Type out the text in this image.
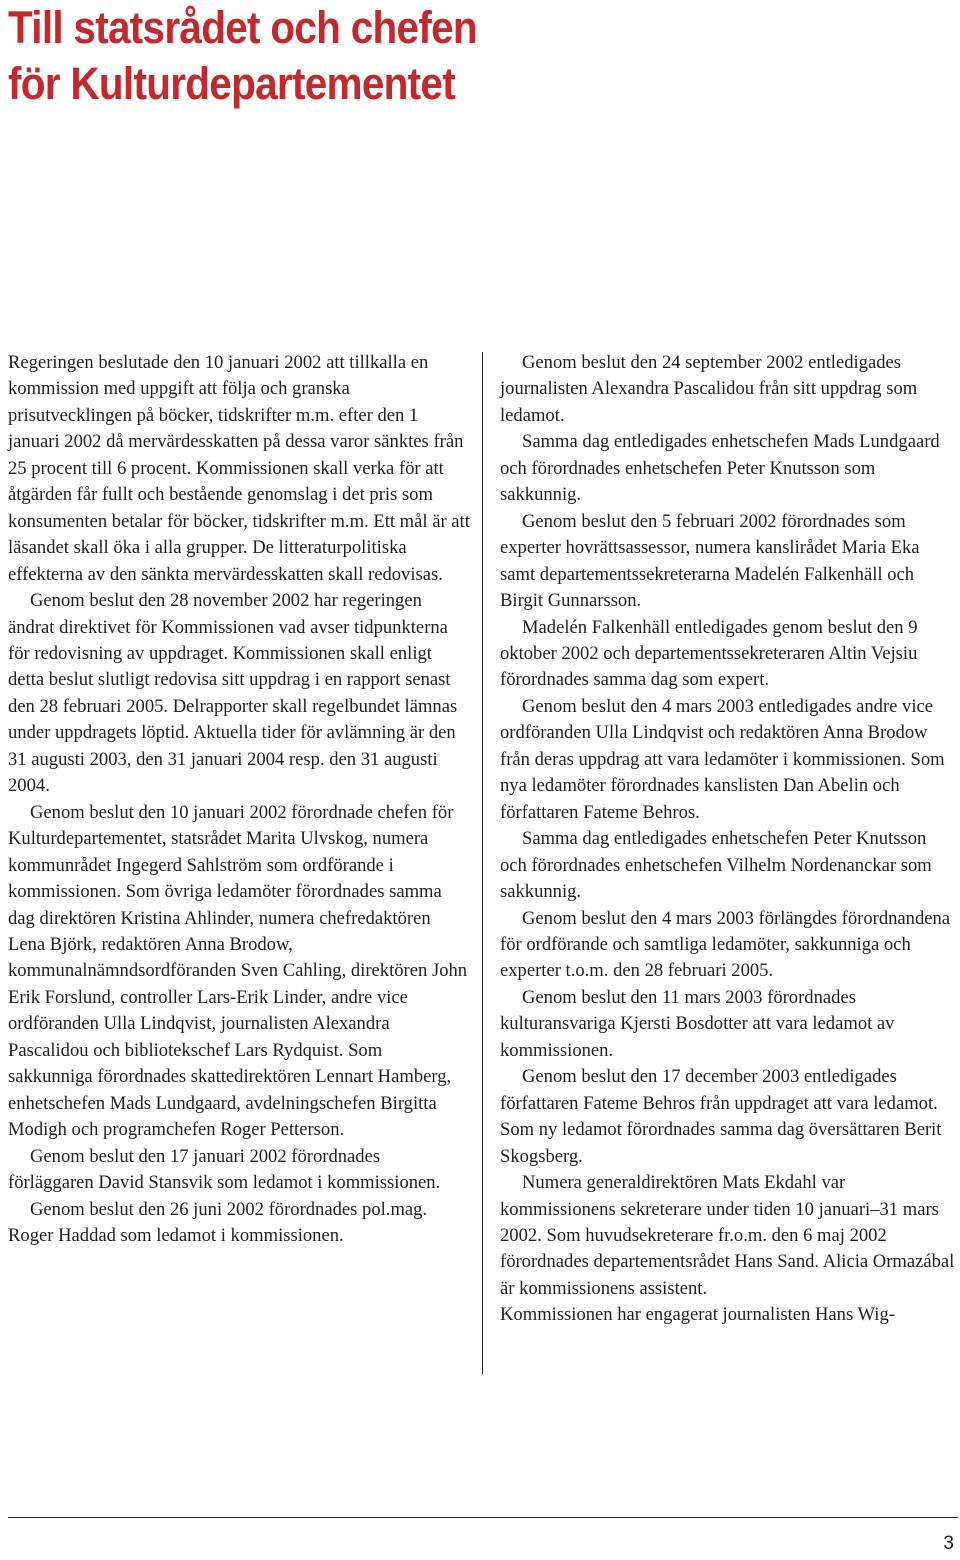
Till statsrådet och chefen
för Kulturdepartementet

Regeringen beslutade den 10 januari 2002 att tillkalla en kommission med uppgift att följa och granska prisutvecklingen på böcker, tidskrifter m.m. efter den 1 januari 2002 då mervärdesskatten på dessa varor sänktes från 25 procent till 6 procent. Kommissionen skall verka för att åtgärden får fullt och bestående genomslag i det pris som konsumenten betalar för böcker, tidskrifter m.m. Ett mål är att läsandet skall öka i alla grupper. De litteraturpolitiska effekterna av den sänkta mervärdesskatten skall redovisas.

Genom beslut den 28 november 2002 har regeringen ändrat direktivet för Kommissionen vad avser tidpunkterna för redovisning av uppdraget. Kommissionen skall enligt detta beslut slutligt redovisa sitt uppdrag i en rapport senast den 28 februari 2005. Delrapporter skall regelbundet lämnas under uppdragets löptid. Aktuella tider för avlämning är den 31 augusti 2003, den 31 januari 2004 resp. den 31 augusti 2004.

Genom beslut den 10 januari 2002 förordnade chefen för Kulturdepartementet, statsrådet Marita Ulvskog, numera kommunrådet Ingegerd Sahlström som ordförande i kommissionen. Som övriga ledamöter förordnades samma dag direktören Kristina Ahlinder, numera chefredaktören Lena Björk, redaktören Anna Brodow, kommunalnämndsordföranden Sven Cahling, direktören John Erik Forslund, controller Lars-Erik Linder, andre vice ordföranden Ulla Lindqvist, journalisten Alexandra Pascalidou och bibliotekschef Lars Rydquist. Som sakkunniga förordnades skattedirektören Lennart Hamberg, enhetschefen Mads Lundgaard, avdelningschefen Birgitta Modigh och programchefen Roger Petterson.

Genom beslut den 17 januari 2002 förordnades förläggaren David Stansvik som ledamot i kommissionen.

Genom beslut den 26 juni 2002 förordnades pol.mag. Roger Haddad som ledamot i kommissionen.

Genom beslut den 24 september 2002 entledigades journalisten Alexandra Pascalidou från sitt uppdrag som ledamot.

Samma dag entledigades enhetschefen Mads Lundgaard och förordnades enhetschefen Peter Knutsson som sakkunnig.

Genom beslut den 5 februari 2002 förordnades som experter hovrättsassessor, numera kanslirådet Maria Eka samt departementssekreterarna Madelén Falkenhäll och Birgit Gunnarsson.

Madelén Falkenhäll entledigades genom beslut den 9 oktober 2002 och departementssekreteraren Altin Vejsiu förordnades samma dag som expert.

Genom beslut den 4 mars 2003 entledigades andre vice ordföranden Ulla Lindqvist och redaktören Anna Brodow från deras uppdrag att vara ledamöter i kommissionen. Som nya ledamöter förordnades kanslisten Dan Abelin och författaren Fateme Behros.

Samma dag entledigades enhetschefen Peter Knutsson och förordnades enhetschefen Vilhelm Nordenanckar som sakkunnig.

Genom beslut den 4 mars 2003 förlängdes förordnandena för ordförande och samtliga ledamöter, sakkunniga och experter t.o.m. den 28 februari 2005.

Genom beslut den 11 mars 2003 förordnades kulturansvariga Kjersti Bosdotter att vara ledamot av kommissionen.

Genom beslut den 17 december 2003 entledigades författaren Fateme Behros från uppdraget att vara ledamot. Som ny ledamot förordnades samma dag översättaren Berit Skogsberg.

Numera generaldirektören Mats Ekdahl var kommissionens sekreterare under tiden 10 januari–31 mars 2002. Som huvudsekreterare fr.o.m. den 6 maj 2002 förordnades departementsrådet Hans Sand. Alicia Ormazábal är kommissionens assistent.

Kommissionen har engagerat journalisten Hans Wig-

3
